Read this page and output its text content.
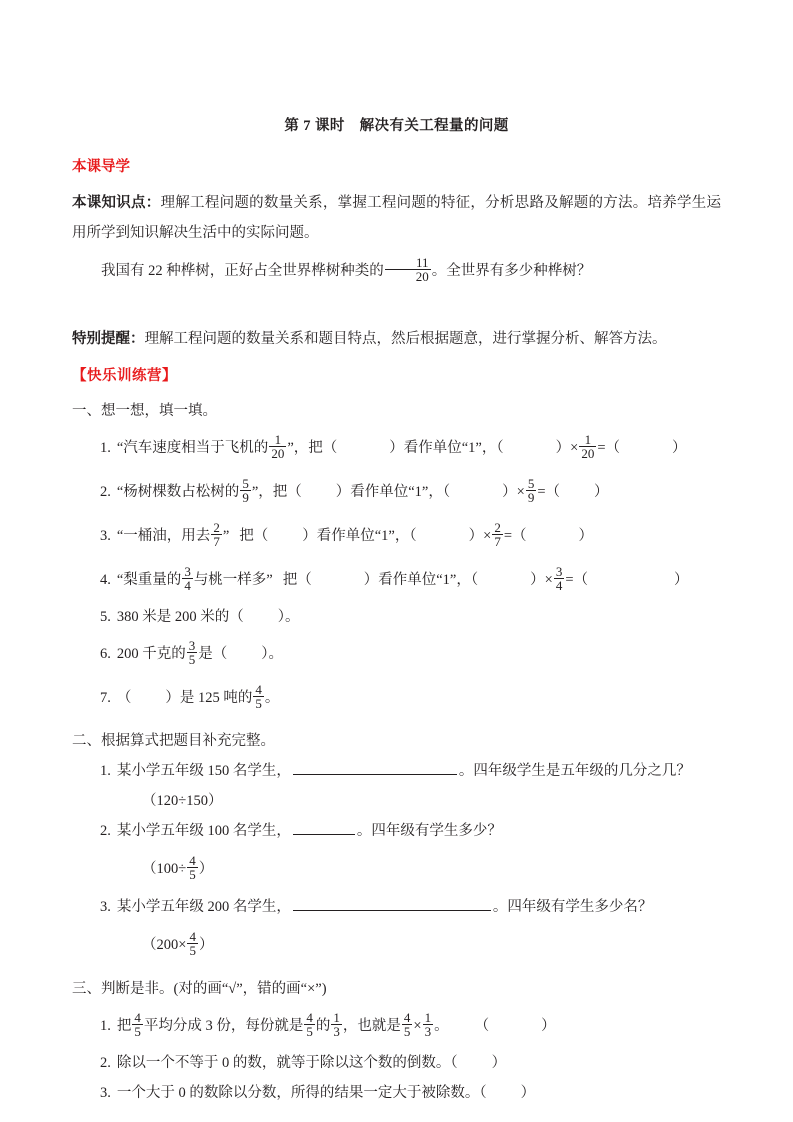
第 7 课时 解决有关工程量的问题
本课导学

本课知识点：理解工程问题的数量关系，掌握工程问题的特征，分析思路及解题的方法。培养学生运用所学到知识解决生活中的实际问题。

我国有 22 种桦树，正好占全世界桦树种类的 $\frac{11}{20}$ 。全世界有多少种桦树？

特别提醒：理解工程问题的数量关系和题目特点，然后根据题意，进行掌握分析、解答方法。

【快乐训练营】
一、想一想，填一填。
1. “汽车速度相当于飞机的 $\frac{1}{20}$ ”，把（	）看作单位“1”，（	）× $\frac{1}{20}$ =（	）
2. “杨树棵数占松树的 $\frac{5}{9}$ ”，把（ ）看作单位“1”，（	）× $\frac{5}{9}$ =（ ）
3. “一桶油，用去 $\frac{2}{7}$ ” 把（ ）看作单位“1”，（	）× $\frac{2}{7}$ =（	）
4. “梨重量的 $\frac{3}{4}$ 与桃一样多” 把（	）看作单位“1”，（	）× $\frac{3}{4}$ =（	）
5. 380 米是 200 米的（ ）。
6. 200 千克的 $\frac{3}{5}$ 是（ ）。
7. （ ）是 125 吨的 $\frac{4}{5}$ 。
二、根据算式把题目补充完整。
1. 某小学五年级 150 名学生，	。四年级学生是五年级的几分之几？
（120÷150）
2. 某小学五年级 100 名学生，	。四年级有学生多少？
（$100\div \frac{4}{5}$ ）
3. 某小学五年级 200 名学生，	。四年级有学生多少名？
（$200\times \frac{4}{5}$ ）
三、判断是非。(对的画“√”，错的画“×”)
1. 把 $\frac{4}{5}$ 平均分成 3 份，每份就是 $\frac{4}{5}$ 的 $\frac{1}{3}$ ，也就是 $\frac{4}{5} \times \frac{1}{3}$ 。 （	）
2. 除以一个不等于 0 的数，就等于除以这个数的倒数。（ ）
3. 一个大于 0 的数除以分数，所得的结果一定大于被除数。（ ）
